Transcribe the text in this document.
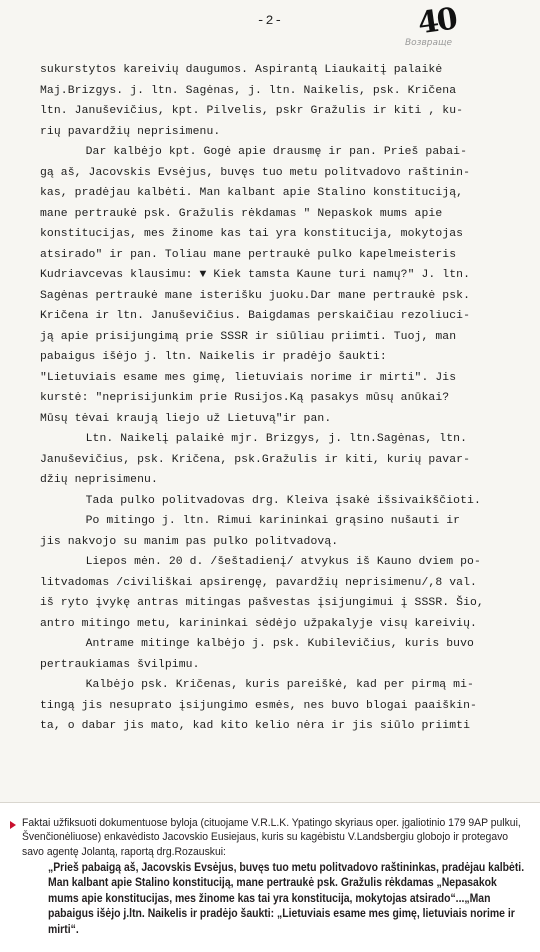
-2-	40
Возвраще
sukurstytos kareivių daugumos. Aspirantą Liaukaitį palaikė
Maj.Brizgys. j. ltn. Sagėnas, j. ltn. Naikelis, psk. Kričena
ltn. Januševičius, kpt. Pilvelis, pskr Gražulis ir kiti , ku-
rių pavardžių neprisimenu.
Dar kalbėjo kpt. Gogė apie drausmę ir pan. Prieš pabai-
gą aš, Jacovskis Evsėjus, buvęs tuo metu politvadovo raštinin-
kas, pradėjau kalbėti. Man kalbant apie Stalino konstituciją,
mane pertraukė psk. Gražulis rėkdamas " Nepaskok mums apie
konstitucijas, mes žinome kas tai yra konstitucija, mokytojas
atsirado" ir pan. Toliau mane pertraukė pulko kapelmeisteris
Kudriavcevas klausimu: ▼ Kiek tamsta Kaune turi namų?" J. ltn.
Sagėnas pertraukė mane isterišku juoku.Dar mane pertraukė psk.
Kričena ir ltn. Januševičius. Baigdamas perskaičiau rezoliuci-
ją apie prisijungimą prie SSSR ir siūliau priimti. Tuoj, man
pabaigus išėjo j. ltn. Naikelis ir pradėjo šaukti:
"Lietuviais esame mes gimę, lietuviais norime ir mirti". Jis
kurstė: "neprisijunkim prie Rusijos.Ką pasakys mūsų anūkai?
Mūsų tėvai kraują liejo už Lietuvą"ir pan.
Ltn. Naikelį palaikė mjr. Brizgys, j. ltn.Sagėnas, ltn.
Januševičius, psk. Kričena, psk.Gražulis ir kiti, kurių pavar-
džių neprisimenu.
Tada pulko politvadovas drg. Kleiva įsakė išsivaikščioti.
Po mitingo j. ltn. Rimui karininkai grąsino nušauti ir
jis nakvojo su manim pas pulko politvadovą.
Liepos mėn. 20 d. /šeštadienį/ atvykus iš Kauno dviem po-
litvadomas /civiliškai apsirengę, pavardžių neprisimenu/,8 val.
iš ryto įvykę antras mitingas pašvestas įsijungimui į SSSR. Šio,
antro mitingo metu, karininkai sėdėjo užpakalyje visų kareivių.
Antrame mitinge kalbėjo j. psk. Kubilevičius, kuris buvo
pertraukiamas švilpimu.
Kalbėjo psk. Kričenas, kuris pareiškė, kad per pirmą mi-
tingą jis nesuprato įsijungimo esmės, nes buvo blogai paaiškin-
ta, o dabar jis mato, kad kito kelio nėra ir jis siūlo priimti
Faktai užfiksuoti dokumentuose byloja (cituojame V.R.L.K. Ypatingo skyriaus oper. įgaliotinio 179 9AP pulkui, Švenčionėliuose) enkavėdisto Jacovskio Eusiejaus, kuris su kagėbistu V.Landsbergiu globojo ir protegavo savo agentę Jolantą, raportą drg.Rozauskui:
„Prieš pabaigą aš, Jacovskis Evsėjus, buvęs tuo metu politvadovo raštininkas, pradėjau kalbėti. Man kalbant apie Stalino konstituciją, mane pertraukė psk. Gražulis rėkdamas „Nepasakok mums apie konstitucijas, mes žinome kas tai yra konstitucija, mokytojas atsirado“...„Man pabaigus išėjo j.ltn. Naikelis ir pradėjo šaukti: „Lietuviais esame mes gimę, lietuviais norime ir mirti“.
